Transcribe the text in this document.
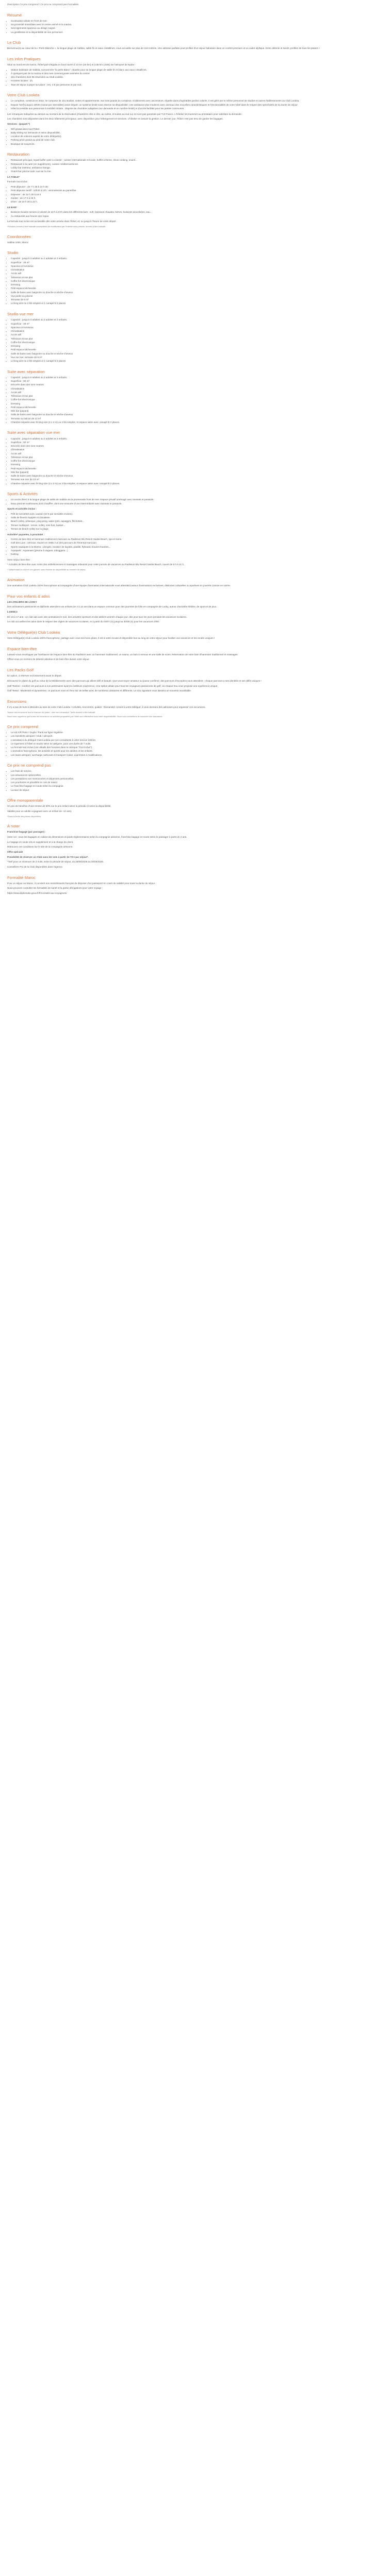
Description Ce prix comprend / Ce prix ne comprend pas Formalités

Résumé
• Sa situation idéale en front de mer.
• Sa proximité immédiate avec le centre animé et la marina.
• Ses logements spacieux au design soigné.
• La gentillesse et la disponibilité de son personnel.
Le Club

Bienvenue(s) au cœur de la « Perle Blanche », la longue plage de Sabbia, sable fin et eaux cristallines, vous accueille sur plus de cent mètres. Une adresse parfaite pour profiter d'un séjour balnéaire dans un confort premium et un cadre idyllique. Entre détente et loisirs, profitez de tous les plaisirs !

Les infos Pratiques

Situé au Nord-est de Kavos, l'hôtel part d'Egalia en bout ouvert à 12 km (16 km) et à 35 km (1h45) de l'aéroport de Nador.

• Station balnéaire de Sabbia, surnommée "la perle Blanc", répartie pour sa longue plage de sable fin et blanc aux eaux cristallines.
• À quelques pas de la marina et des rues commerçantes animées du centre.
• 151 chambres dont 96 réservées au Club Lookéa.
• Horaires locales : 1h.
• Taxe de séjour à payer sur place : env. 4 € par personne et par nuit.
Votre Club Lookéa
• Le complexe, construit en 2022, se compose de 151 studios, suites et appartements. Sur trois grands du complexe, 6 bâtiments avec ascenseurs, répartis dans d'agréables jardins colorés. Il est géré par le même personnel de studios et autres établissements au Club Lookéa.
• Depuis l'arrêt jusqu'à 19h30 (Canal par intervalles) avant départ, un système limité vous réserve sa disponibilité. Une ambiance plus moderne avec animaux des nouvelles caractéristiques et fonctionnalités de votre hôtel dans le respect des spécificités de sa durée de séjour.
• Hôtel accessible aux personnes à mobilité réduite : dispose de chambres adaptées (sur demande et en nombre limité) et d'accès facilités pour les parties communes.

Les remarques indiquées au dessus au moment de la réservation (chambres côte à côte, au calme, et toutes au sud ou) ne sont pas garanties par TUI France. L'hôtelier les transmet au prestataire pour satisfaire la demande.

Les chambres sont disposées dans les deux bâtiments principaux, avec disposition pour hébergement et services. L'hôtelier en assure la gestion. Le dernier jour, l'hôtel n'est pas tenu de garder les bagages.

Services : (payant *)

• Wifi gratuit dans tout l'hôtel.
• Baby-sitting sur demande et selon disponibilité.
• Location de voitures auprès de votre délégué(e).
• Parking privé gratuit au pied de votre club.
• Boutique de souvenirs.
Restauration
• Restaurant principal, repas buffet varié à volonté : cuisine internationale et locale, buffet à thème, show cooking, snack...
• Restaurant à la carte (en supplément), cuisine méditerranéenne.
• Lobby-bar intérieur, ambiance lounge.
• Snack-bar piscine avec vue sur la mer.

LA TABLE*

Formule tout inclus

• Petit déjeuner : de 7 h 30 à 10 h 30.
• Petit déjeuner tardif : 10h30 à 11h : viennoiseries au panerifae.
• Déjeuner : de 12 h 30 à 15 h.
• Goûter : de 17 h à 18 h.
• Dîner : de 19 h 30 à 22 h.

LE BAR*

• Boissons locales servies à volonté de 10 h à 23 h dans les différents bars : soft, boissons chaudes, bières, boissons alcoolisées, eau...
• Au restaurant aux heures des repas.

La formule tout inclus est accessible dès votre arrivée dans l'hôtel, et, ou jusqu'à l'heure de votre départ.

*Horaires donnés à titre indicatif susceptibles de modification par l'hôtelier sans préavis, donnés à titre indicatif.

Coordonnées

Sabbia 1000, Maroc

Studio
• Capacité : jusqu'à 3 adultes ou 2 adultes et 2 enfants.
• Superficie : 28 m²
• Spacieux et lumineux
• Climatisation
• Accès wifi
• Télévision écran plat
• Coffre-fort électronique
• Dressing
• Petit espace kitchenette
• Salle de bains avec baignoire ou douche et sèche-cheveux
• Vue jardin ou piscine
• Terrasse de 8 m²
• Lit king size ou 2 lits simples et 1 canapé lit 2 places
Studio vue mer
• Capacité : jusqu'à 3 adultes ou 2 adultes et 2 enfants.
• Superficie : 28 m²
• Spacieux et lumineux
• Climatisation
• Accès wifi
• Télévision écran plat
• Coffre-fort électronique
• Dressing
• Petit espace kitchenette
• Salle de bains avec baignoire ou douche et sèche-cheveux
• Vue sur mer, terrasse de 8 m²
• Lit king size ou 2 lits simples et 1 canapé lit 2 places
Suite avec séparation
• Capacité : jusqu'à 5 adultes ou 2 adultes et 3 enfants.
• Superficie : 50 m²
• Décorée dans des tons neutres
• Climatisation
• Accès wifi
• Télévision écran plat
• Coffre-fort électronique
• Dressing
• Petit espace kitchenette
• Mini bar (payant)
• Salle de bains avec baignoire ou douche et sèche-cheveux
• Terrasse ou balcon de 13 m²
• Chambre séparée avec lit king size (2 x 2 m) ou 2 lits simples, et espace salon avec canapé lit 2 places.
Suite avec séparation vue mer
• Capacité : jusqu'à 5 adultes ou 2 adultes et 3 enfants.
• Superficie : 50 m²
• Décorée dans des tons neutres
• Climatisation
• Accès wifi
• Télévision écran plat
• Coffre-fort électronique
• Dressing
• Petit espace kitchenette
• Mini bar (payant)
• Salle de bains avec baignoire ou douche et sèche-cheveux
• Terrasse vue mer de 13 m²
• Chambre séparée avec lit king size (2 x 2 m) ou 2 lits simples, et espace salon avec canapé lit 2 places.
Sports & Activités
• Un accès direct à la longue plage de sable de Sabbia via la promenade front de mer. Espace privatif aménagé avec transats et parasols.
• Deux piscines extérieures dont chauffée, dont une entourée d'une intermédiaire avec transats et parasols.

Sports et activités inclus :

• Prêt de serviettes avec caution (10 € par serviette environ).
• Salle de fitness équipée et climatisée.
• Beach-volley, pétanque, ping-pong, water-polo, aquagym, fléchettes...
• Terrain multisport : tennis, volley, mini-foot, basket...
• Terrain de beach-volley sur la plage.

Activités* payantes, à proximité :

• Centre de bien-être et hammam traditionnel marocain au Radisson Blu Resort Saidia Beach, spa et soins.
• Golf des Lacs : 18 trous. Ouvert en 2009, l'un des parcours de l'Oriental marocain.
• Sports nautiques à la Marina : plongée, location de kayaks, paddle, flyboard, bouées tractées...
• Aquapark : Aquamars (piscine à vagues, toboggans...)
• Karting.

Votre séjour bien-être :

* Activités de bien-être avec soins des esthéticiennes et massages relaxants pour cette journée de vacances au Radisson Blu Resort Saidia Beach, ouvert de 9 h à 21 h.

* Indépendant du club et non garanti, sous réserve de disponibilité au moment du séjour.

Animation

Une animation Club Lookéa 100% francophone accompagnée d'une équipe d'animation internationale vous attendent autour d'animations exclusives, distinctes culturelles ou sportives en journée comme en soirée.

Pour vos enfants & ados

LES ATELIERS DE LOOKY

Des animateurs passionnés et diplômés attendent vos enfants de 3 à 12 ans dans un espace commun pour des journées de folie en compagnie de Looky, autour d'activités théâtre, de sport et de jeux.

L@BNC2

De 13 à 17 ans : un club ado avec des animations le soir, des activités sportives et des ateliers animés chaque jour, des jeux tous les jours pendant les vacances scolaires.

Le club accueillent les ados dans le respect des règles de vacances scolaires, et à partir du 04/07 (S) jusqu'au 30/08 (S) pour les vacances d'été.

Votre Délégué(e) Club Lookéa

Votre Délégué(e) Club Lookéa 100% francophone, partage avec vous ses bons plans, il est à votre écoute et disponible tout au long de votre séjour pour faciliter vos vacances et les rendre uniques !

Espace bien-être

Laissez-vous envelopper par l'ambiance de l'espace bien-être du Radisson avec un hammam traditionnel, un sauna, un bain à remous et une salle de soins. Réservation de votre bain d'hammam traditionnel et massages.

Offrez-vous un moment de détente absolue et de bien-être durant votre séjour.

Les Packs Golf

En option, à réserver exclusivement avant le départ.

Découvrez le plaisir du golf au cœur de la Méditerranée avec des parcours qui allient défi et beauté. Que vous soyez amateur ou joueur confirmé, des parcours d'exception vous attendent : chaque parcours a ses identités et ses défis uniques !

Golf Teeboo : Confiez vos parcours à nos partenaires ayant la meilleure expérience. Une option idéale pour tous les voyageurs passionnés de golf, où chaque trou vous propose une expérience unique.

Golf Teetal : Modernité et dynamisme, ce parcours vous en fera voir de belles avec de nombreux obstacles et différents. Le trou signature vous laissera un souvenir inoubliable.

Excursions

Il n'y a pas de buts à atteindre au sein de votre Club Lookéa ! Activités, rencontres, guides : Demandez conseil à votre Délégué, il vous donnera des adresses pour organiser vos excursions.

Toutes nos excursions sont à réserver sur place. Liste non exhaustive. Tarifs donnés à titre indicatif.

Nous vous rappelons que toutes les excursions ou activités proposées par l'hôtel sont effectuées sous votre responsabilité. Nous vous conseillons de souscrire une assurance.

Ce prix comprend
• Le vol A/R Paris / Oujda / Paris sur ligne régulière.
• Les transferts aéroport / Club / aéroport.
• L'assistance du délégué Club Lookéa par nos consultants à votre service 24h/24.
• Le logement à l'hôtel en studio selon la catégorie, pour une durée de 7 nuits.
• La formule tout inclus (voir détails des horaires dans la rubrique "Tout inclus").
• L'animation francophone, les activités et sports pour les adultes et les enfants.
• Les taxes aéroport, surcharge carburant et transport routier, exprimées à modifications.
Ce prix ne comprend pas
• Les frais de service.
• Les assurances optionnelles.
• Les prestations non mentionnées et dépenses personnelles.
• Les pourboires et pénalités en cas de retard.
• Le franchise bagage en soute selon la compagnie.
• La taxe de séjour.
Offre monoparentale

Un prix de bénéfice d'une remise de 50% sur le prix enfant selon la période et selon la disponibilité.

Valable pour un adulte voyageant avec un enfant de -12 ans).

*Dans la limite des places disponibles.

À noter

Franchise bagage (par passager) :

Votre vol : sous les bagages en cabine de dimensions et poids réglementaires selon la compagnie aérienne, franchise bagage en soute selon le passager à partir de 2 ans.

Le bagage en soute est en supplément et à la charge du client.

Retrouvez ces conditions sur le site de la compagnie aérienne.

Offre spéciale

Possibilité de réserver un Club sans les vols à partir de 70 € par séjour*.

*Tarif pour un minimum de 3 nuits, selon la période de séjour, du 26/05/2026 au 30/06/2026.

Conseillers Pro de la Club disponibles dans l'agence.

Formalité Maroc

Pour un séjour au Maroc, il convient aux ressortissants français de disposer d'un passeport en cours de validité pour toute la durée du séjour.

Nous pouvons consulter les formalités de santé et la partie dérogations pour votre voyage :

https://www.diplomatie.gouv.fr/fr/conseils-aux-voyageurs/
